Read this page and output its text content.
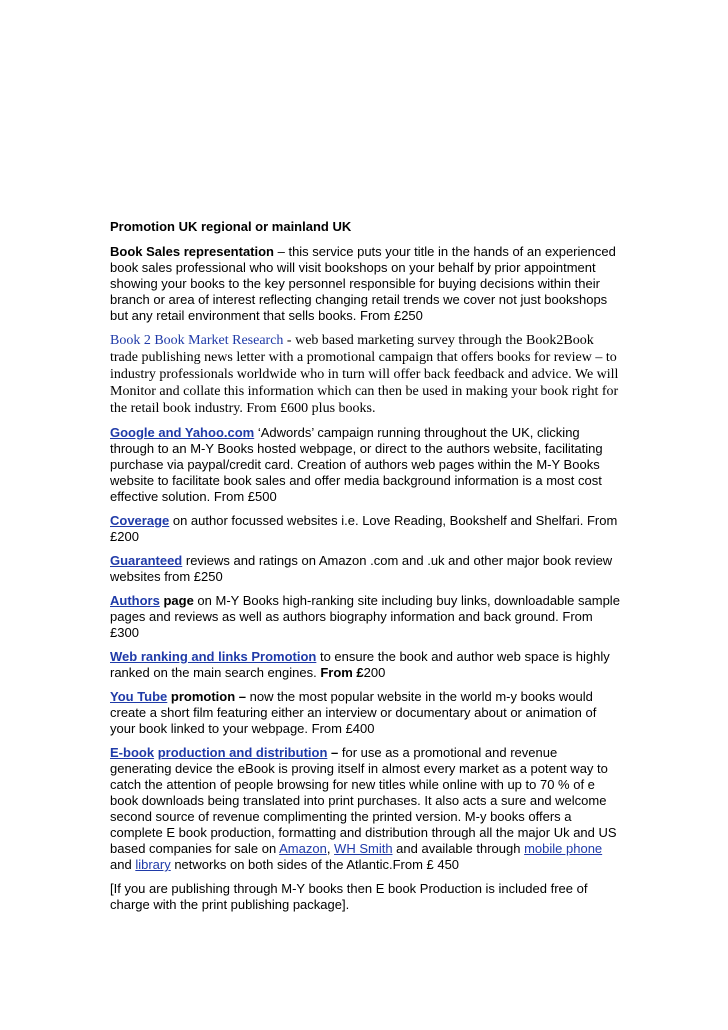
Promotion UK regional or mainland UK

Book Sales representation – this service puts your title in the hands of an experienced book sales professional who will visit bookshops on your behalf by prior appointment showing your books to the key personnel responsible for buying decisions within their branch or area of interest reflecting changing retail trends we cover not just bookshops but any retail environment that sells books. From £250

Book 2 Book Market Research - web based marketing survey through the Book2Book trade publishing news letter with a promotional campaign that offers books for review – to industry professionals worldwide who in turn will offer back feedback and advice. We will Monitor and collate this information which can then be used in making your book right for the retail book industry. From £600 plus books.

Google and Yahoo.com ‘Adwords’ campaign running throughout the UK, clicking through to an M-Y Books hosted webpage, or direct to the authors website, facilitating purchase via paypal/credit card. Creation of authors web pages within the M-Y Books website to facilitate book sales and offer media background information is a most cost effective solution. From £500

Coverage on author focussed websites i.e. Love Reading, Bookshelf and Shelfari. From £200

Guaranteed reviews and ratings on Amazon .com and .uk and other major book review websites from £250

Authors page on M-Y Books high-ranking site including buy links, downloadable sample pages and reviews as well as authors biography information and back ground. From £300

Web ranking and links Promotion to ensure the book and author web space is highly ranked on the main search engines. From £200

You Tube promotion – now the most popular website in the world m-y books would create a short film featuring either an interview or documentary about or animation of your book linked to your webpage. From £400

E-book production and distribution – for use as a promotional and revenue generating device the eBook is proving itself in almost every market as a potent way to catch the attention of people browsing for new titles while online with up to 70 % of e book downloads being translated into print purchases. It also acts a sure and welcome second source of revenue complimenting the printed version. M-y books offers a complete E book production, formatting and distribution through all the major Uk and US based companies for sale on Amazon, WH Smith and available through mobile phone and library networks on both sides of the Atlantic.From £ 450

[If you are publishing through M-Y books then E book Production is included free of charge with the print publishing package].
